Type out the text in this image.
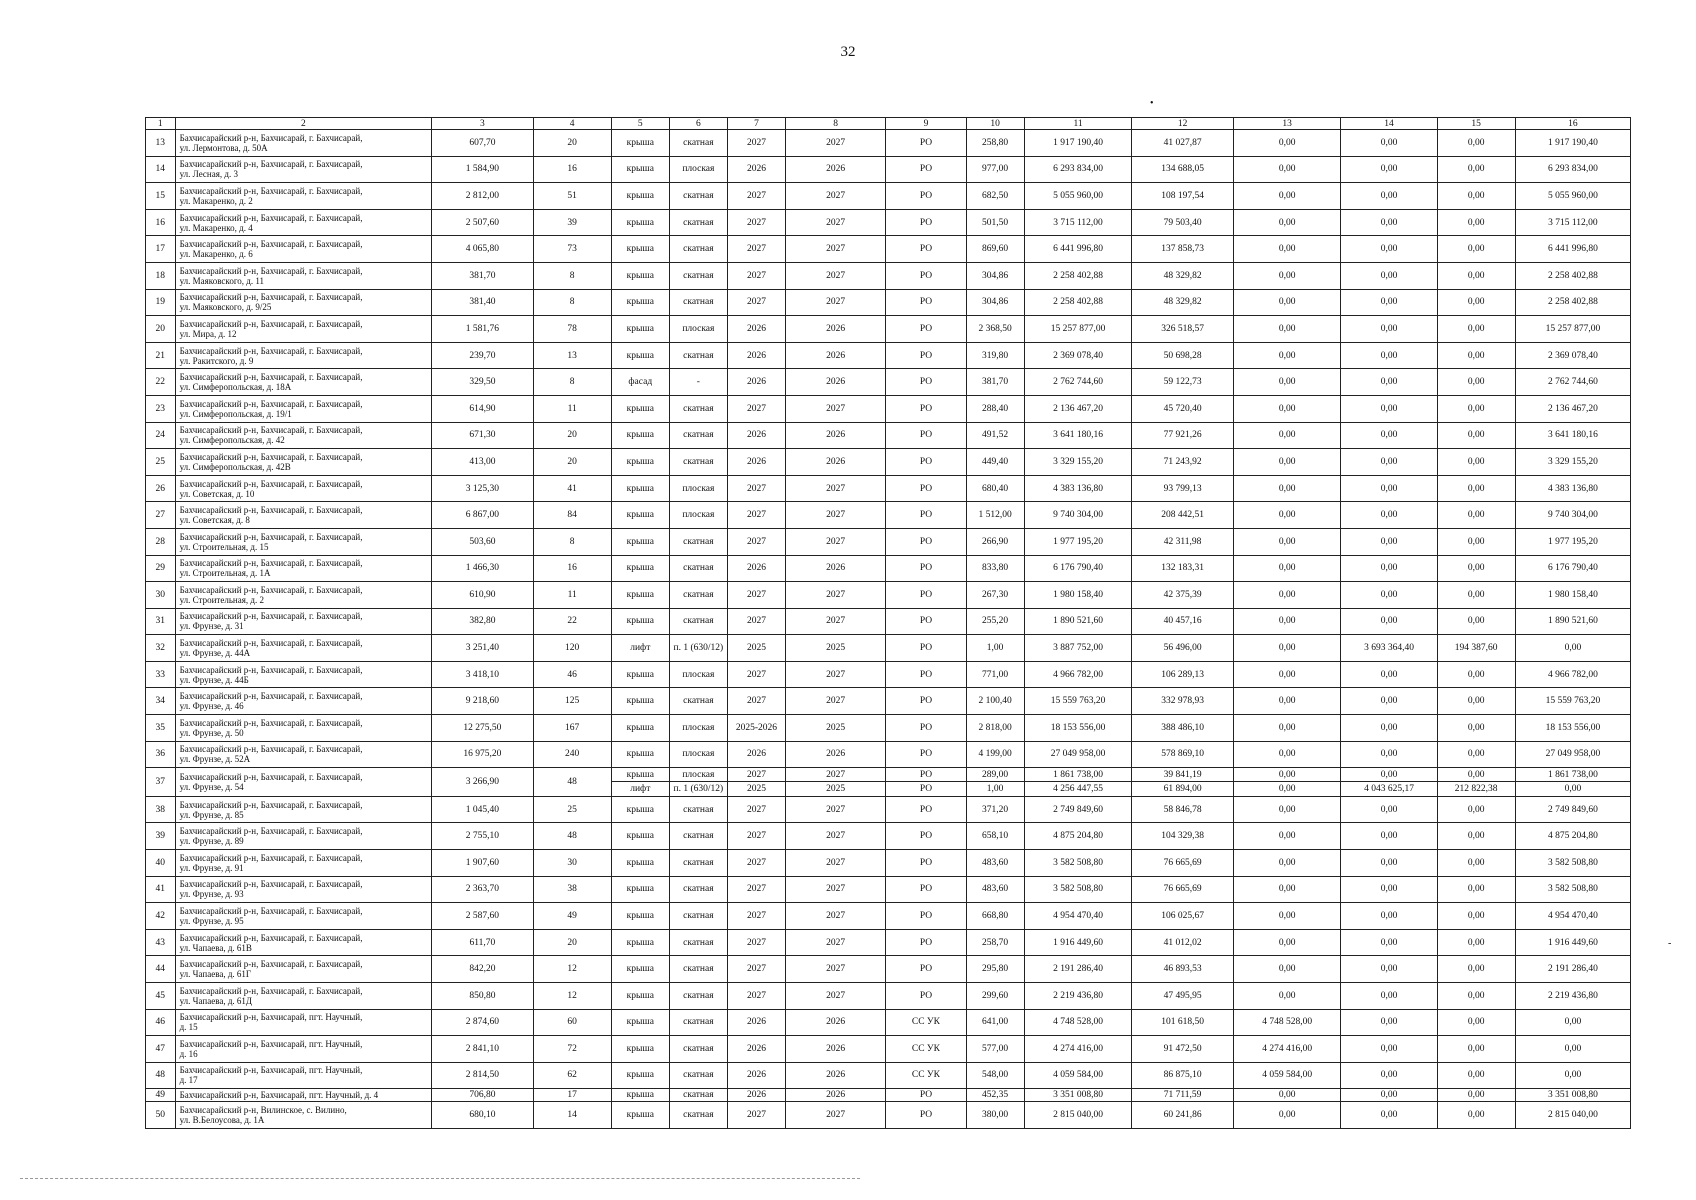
32
•
-
1	2	3	4	5	6	7	8	9	10	11	12	13	14	15	16
13	Бахчисарайский р-н, Бахчисарай, г. Бахчисарай,
ул. Лермонтова, д. 50А	607,70	20	крыша	скатная	2027	2027	РО	258,80	1 917 190,40	41 027,87	0,00	0,00	0,00	1 917 190,40
14	Бахчисарайский р-н, Бахчисарай, г. Бахчисарай,
ул. Лесная, д. 3	1 584,90	16	крыша	плоская	2026	2026	РО	977,00	6 293 834,00	134 688,05	0,00	0,00	0,00	6 293 834,00
15	Бахчисарайский р-н, Бахчисарай, г. Бахчисарай,
ул. Макаренко, д. 2	2 812,00	51	крыша	скатная	2027	2027	РО	682,50	5 055 960,00	108 197,54	0,00	0,00	0,00	5 055 960,00
16	Бахчисарайский р-н, Бахчисарай, г. Бахчисарай,
ул. Макаренко, д. 4	2 507,60	39	крыша	скатная	2027	2027	РО	501,50	3 715 112,00	79 503,40	0,00	0,00	0,00	3 715 112,00
17	Бахчисарайский р-н, Бахчисарай, г. Бахчисарай,
ул. Макаренко, д. 6	4 065,80	73	крыша	скатная	2027	2027	РО	869,60	6 441 996,80	137 858,73	0,00	0,00	0,00	6 441 996,80
18	Бахчисарайский р-н, Бахчисарай, г. Бахчисарай,
ул. Маяковского, д. 11	381,70	8	крыша	скатная	2027	2027	РО	304,86	2 258 402,88	48 329,82	0,00	0,00	0,00	2 258 402,88
19	Бахчисарайский р-н, Бахчисарай, г. Бахчисарай,
ул. Маяковского, д. 9/25	381,40	8	крыша	скатная	2027	2027	РО	304,86	2 258 402,88	48 329,82	0,00	0,00	0,00	2 258 402,88
20	Бахчисарайский р-н, Бахчисарай, г. Бахчисарай,
ул. Мира, д. 12	1 581,76	78	крыша	плоская	2026	2026	РО	2 368,50	15 257 877,00	326 518,57	0,00	0,00	0,00	15 257 877,00
21	Бахчисарайский р-н, Бахчисарай, г. Бахчисарай,
ул. Ракитского, д. 9	239,70	13	крыша	скатная	2026	2026	РО	319,80	2 369 078,40	50 698,28	0,00	0,00	0,00	2 369 078,40
22	Бахчисарайский р-н, Бахчисарай, г. Бахчисарай,
ул. Симферопольская, д. 18А	329,50	8	фасад	-	2026	2026	РО	381,70	2 762 744,60	59 122,73	0,00	0,00	0,00	2 762 744,60
23	Бахчисарайский р-н, Бахчисарай, г. Бахчисарай,
ул. Симферопольская, д. 19/1	614,90	11	крыша	скатная	2027	2027	РО	288,40	2 136 467,20	45 720,40	0,00	0,00	0,00	2 136 467,20
24	Бахчисарайский р-н, Бахчисарай, г. Бахчисарай,
ул. Симферопольская, д. 42	671,30	20	крыша	скатная	2026	2026	РО	491,52	3 641 180,16	77 921,26	0,00	0,00	0,00	3 641 180,16
25	Бахчисарайский р-н, Бахчисарай, г. Бахчисарай,
ул. Симферопольская, д. 42В	413,00	20	крыша	скатная	2026	2026	РО	449,40	3 329 155,20	71 243,92	0,00	0,00	0,00	3 329 155,20
26	Бахчисарайский р-н, Бахчисарай, г. Бахчисарай,
ул. Советская, д. 10	3 125,30	41	крыша	плоская	2027	2027	РО	680,40	4 383 136,80	93 799,13	0,00	0,00	0,00	4 383 136,80
27	Бахчисарайский р-н, Бахчисарай, г. Бахчисарай,
ул. Советская, д. 8	6 867,00	84	крыша	плоская	2027	2027	РО	1 512,00	9 740 304,00	208 442,51	0,00	0,00	0,00	9 740 304,00
28	Бахчисарайский р-н, Бахчисарай, г. Бахчисарай,
ул. Строительная, д. 15	503,60	8	крыша	скатная	2027	2027	РО	266,90	1 977 195,20	42 311,98	0,00	0,00	0,00	1 977 195,20
29	Бахчисарайский р-н, Бахчисарай, г. Бахчисарай,
ул. Строительная, д. 1А	1 466,30	16	крыша	скатная	2026	2026	РО	833,80	6 176 790,40	132 183,31	0,00	0,00	0,00	6 176 790,40
30	Бахчисарайский р-н, Бахчисарай, г. Бахчисарай,
ул. Строительная, д. 2	610,90	11	крыша	скатная	2027	2027	РО	267,30	1 980 158,40	42 375,39	0,00	0,00	0,00	1 980 158,40
31	Бахчисарайский р-н, Бахчисарай, г. Бахчисарай,
ул. Фрунзе, д. 31	382,80	22	крыша	скатная	2027	2027	РО	255,20	1 890 521,60	40 457,16	0,00	0,00	0,00	1 890 521,60
32	Бахчисарайский р-н, Бахчисарай, г. Бахчисарай,
ул. Фрунзе, д. 44А	3 251,40	120	лифт	п. 1 (630/12)	2025	2025	РО	1,00	3 887 752,00	56 496,00	0,00	3 693 364,40	194 387,60	0,00
33	Бахчисарайский р-н, Бахчисарай, г. Бахчисарай,
ул. Фрунзе, д. 44Б	3 418,10	46	крыша	плоская	2027	2027	РО	771,00	4 966 782,00	106 289,13	0,00	0,00	0,00	4 966 782,00
34	Бахчисарайский р-н, Бахчисарай, г. Бахчисарай,
ул. Фрунзе, д. 46	9 218,60	125	крыша	скатная	2027	2027	РО	2 100,40	15 559 763,20	332 978,93	0,00	0,00	0,00	15 559 763,20
35	Бахчисарайский р-н, Бахчисарай, г. Бахчисарай,
ул. Фрунзе, д. 50	12 275,50	167	крыша	плоская	2025-2026	2025	РО	2 818,00	18 153 556,00	388 486,10	0,00	0,00	0,00	18 153 556,00
36	Бахчисарайский р-н, Бахчисарай, г. Бахчисарай,
ул. Фрунзе, д. 52А	16 975,20	240	крыша	плоская	2026	2026	РО	4 199,00	27 049 958,00	578 869,10	0,00	0,00	0,00	27 049 958,00
37	Бахчисарайский р-н, Бахчисарай, г. Бахчисарай,
ул. Фрунзе, д. 54	3 266,90	48	крыша	плоская	2027	2027	РО	289,00	1 861 738,00	39 841,19	0,00	0,00	0,00	1 861 738,00
				лифт	п. 1 (630/12)	2025	2025	РО	1,00	4 256 447,55	61 894,00	0,00	4 043 625,17	212 822,38	0,00
38	Бахчисарайский р-н, Бахчисарай, г. Бахчисарай,
ул. Фрунзе, д. 85	1 045,40	25	крыша	скатная	2027	2027	РО	371,20	2 749 849,60	58 846,78	0,00	0,00	0,00	2 749 849,60
39	Бахчисарайский р-н, Бахчисарай, г. Бахчисарай,
ул. Фрунзе, д. 89	2 755,10	48	крыша	скатная	2027	2027	РО	658,10	4 875 204,80	104 329,38	0,00	0,00	0,00	4 875 204,80
40	Бахчисарайский р-н, Бахчисарай, г. Бахчисарай,
ул. Фрунзе, д. 91	1 907,60	30	крыша	скатная	2027	2027	РО	483,60	3 582 508,80	76 665,69	0,00	0,00	0,00	3 582 508,80
41	Бахчисарайский р-н, Бахчисарай, г. Бахчисарай,
ул. Фрунзе, д. 93	2 363,70	38	крыша	скатная	2027	2027	РО	483,60	3 582 508,80	76 665,69	0,00	0,00	0,00	3 582 508,80
42	Бахчисарайский р-н, Бахчисарай, г. Бахчисарай,
ул. Фрунзе, д. 95	2 587,60	49	крыша	скатная	2027	2027	РО	668,80	4 954 470,40	106 025,67	0,00	0,00	0,00	4 954 470,40
43	Бахчисарайский р-н, Бахчисарай, г. Бахчисарай,
ул. Чапаева, д. 61В	611,70	20	крыша	скатная	2027	2027	РО	258,70	1 916 449,60	41 012,02	0,00	0,00	0,00	1 916 449,60
44	Бахчисарайский р-н, Бахчисарай, г. Бахчисарай,
ул. Чапаева, д. 61Г	842,20	12	крыша	скатная	2027	2027	РО	295,80	2 191 286,40	46 893,53	0,00	0,00	0,00	2 191 286,40
45	Бахчисарайский р-н, Бахчисарай, г. Бахчисарай,
ул. Чапаева, д. 61Д	850,80	12	крыша	скатная	2027	2027	РО	299,60	2 219 436,80	47 495,95	0,00	0,00	0,00	2 219 436,80
46	Бахчисарайский р-н, Бахчисарай, пгт. Научный,
д. 15	2 874,60	60	крыша	скатная	2026	2026	СС УК	641,00	4 748 528,00	101 618,50	4 748 528,00	0,00	0,00	0,00
47	Бахчисарайский р-н, Бахчисарай, пгт. Научный,
д. 16	2 841,10	72	крыша	скатная	2026	2026	СС УК	577,00	4 274 416,00	91 472,50	4 274 416,00	0,00	0,00	0,00
48	Бахчисарайский р-н, Бахчисарай, пгт. Научный,
д. 17	2 814,50	62	крыша	скатная	2026	2026	СС УК	548,00	4 059 584,00	86 875,10	4 059 584,00	0,00	0,00	0,00
49	Бахчисарайский р-н, Бахчисарай, пгт. Научный, д. 4	706,80	17	крыша	скатная	2026	2026	РО	452,35	3 351 008,80	71 711,59	0,00	0,00	0,00	3 351 008,80
50	Бахчисарайский р-н, Вилинское, с. Вилино,
ул. В.Белоусова, д. 1А	680,10	14	крыша	скатная	2027	2027	РО	380,00	2 815 040,00	60 241,86	0,00	0,00	0,00	2 815 040,00
